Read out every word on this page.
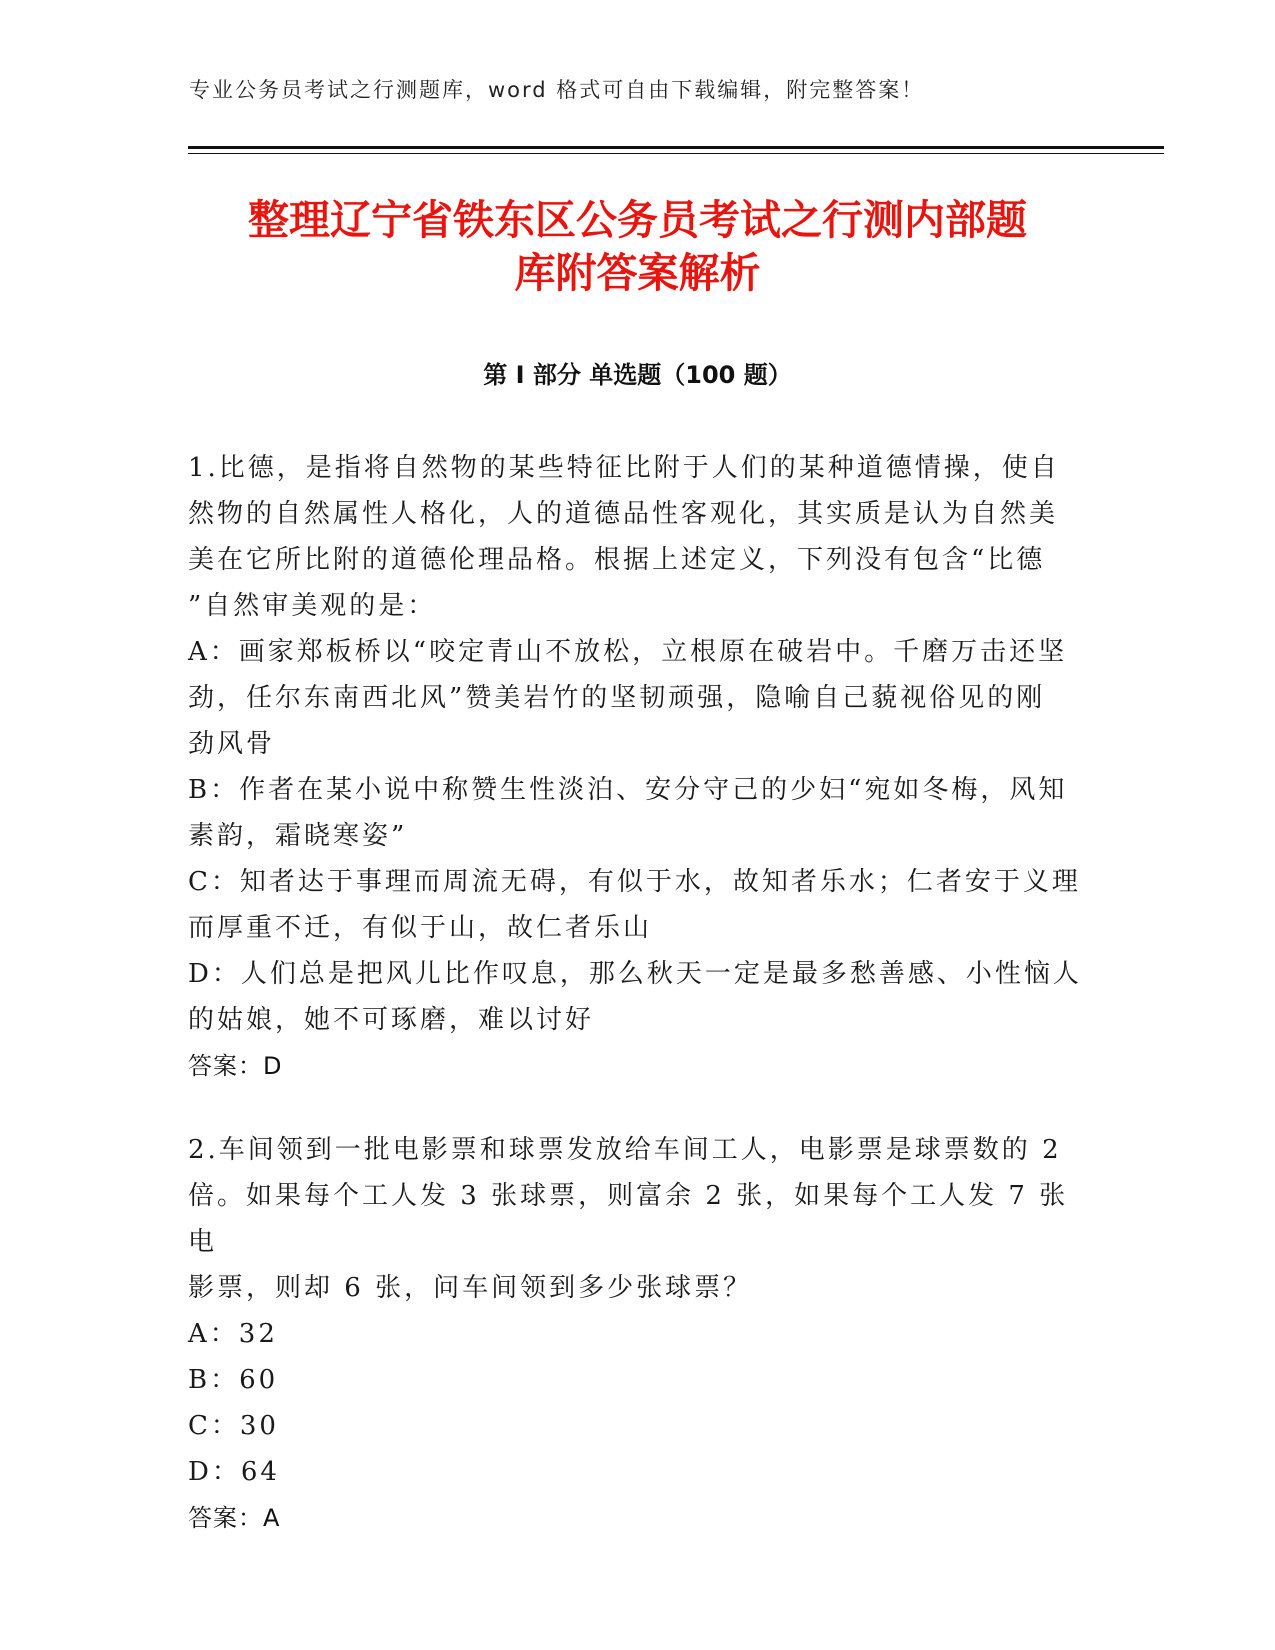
专业公务员考试之行测题库，word 格式可自由下载编辑，附完整答案！
整理辽宁省铁东区公务员考试之行测内部题
库附答案解析
第 I 部分 单选题（100 题）

1.比德，是指将自然物的某些特征比附于人们的某种道德情操，使自

然物的自然属性人格化，人的道德品性客观化，其实质是认为自然美

美在它所比附的道德伦理品格。根据上述定义，下列没有包含“比德

”自然审美观的是：

A：画家郑板桥以“咬定青山不放松，立根原在破岩中。千磨万击还坚

劲，任尔东南西北风”赞美岩竹的坚韧顽强，隐喻自己藐视俗见的刚

劲风骨

B：作者在某小说中称赞生性淡泊、安分守己的少妇“宛如冬梅，风知

素韵，霜晓寒姿”

C：知者达于事理而周流无碍，有似于水，故知者乐水；仁者安于义理

而厚重不迁，有似于山，故仁者乐山

D：人们总是把风儿比作叹息，那么秋天一定是最多愁善感、小性恼人

的姑娘，她不可琢磨，难以讨好

答案：D

2.车间领到一批电影票和球票发放给车间工人，电影票是球票数的 2

倍。如果每个工人发 3 张球票，则富余 2 张，如果每个工人发 7 张电

影票，则却 6 张，问车间领到多少张球票？

A：32

B：60

C：30

D：64

答案：A
